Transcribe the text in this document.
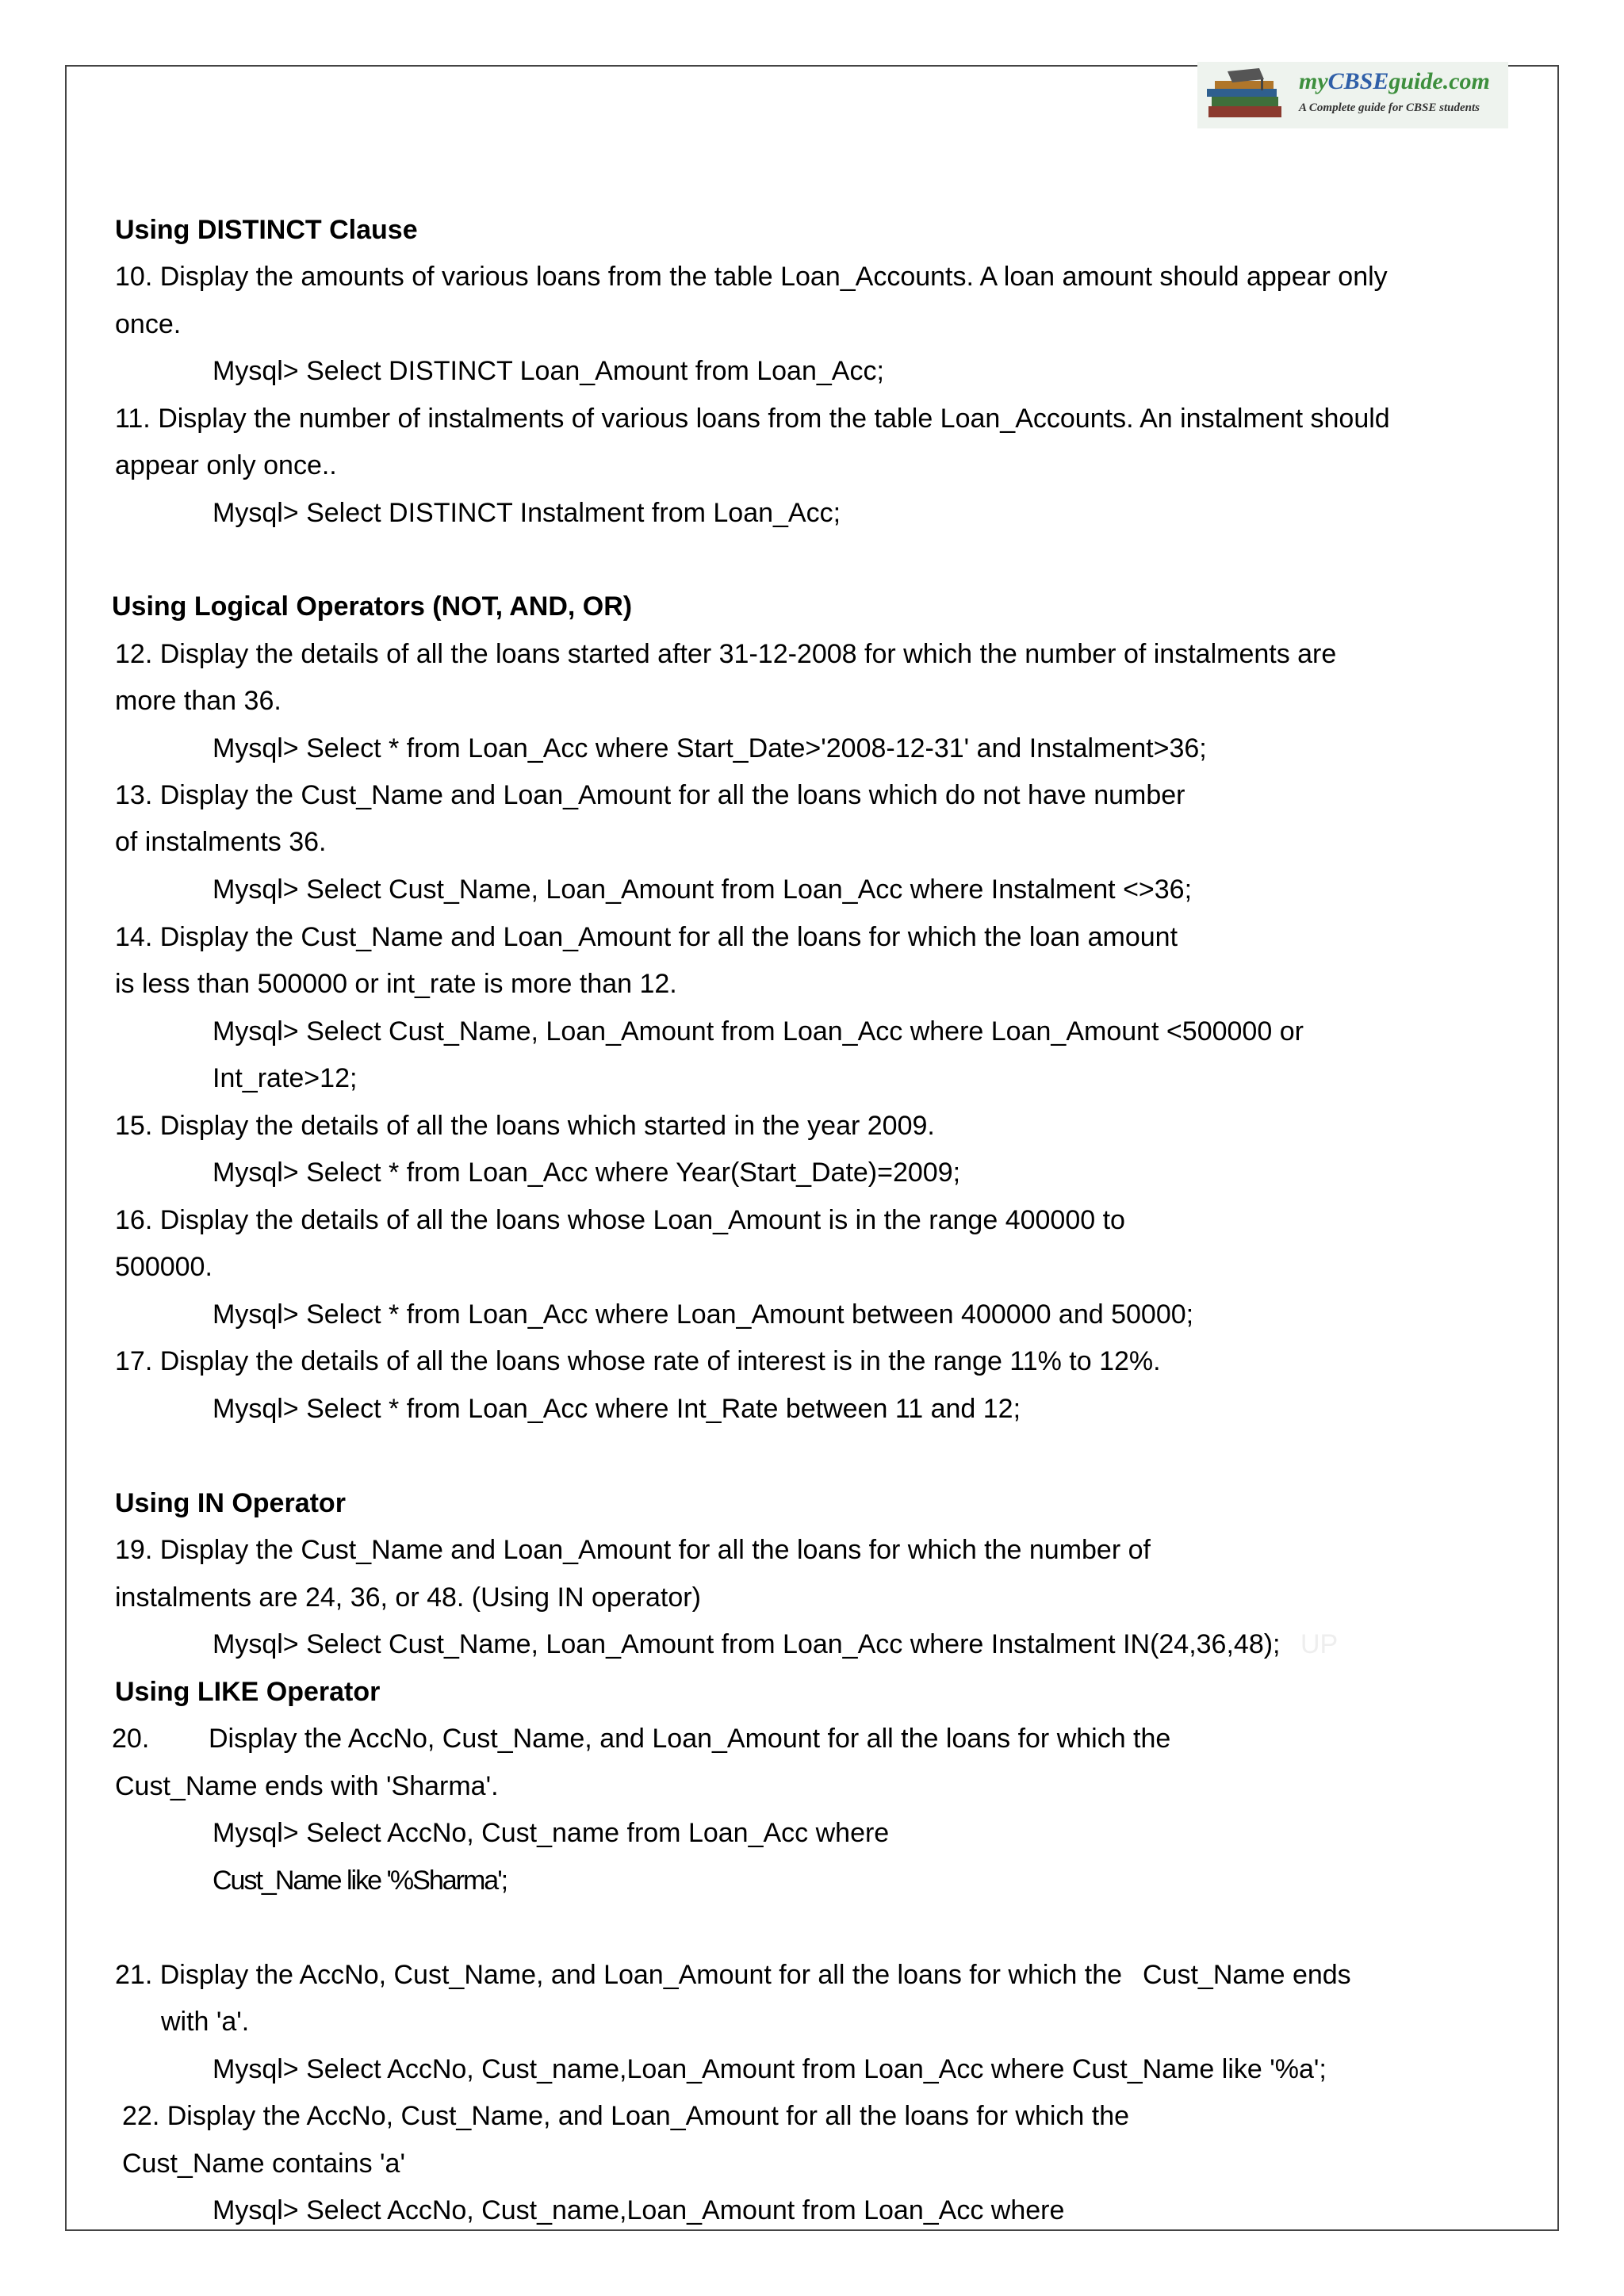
myCBSEguide.com
A Complete guide for CBSE students
Using DISTINCT Clause
10. Display the amounts of various loans from the table Loan_Accounts. A loan amount should appear only
once.
Mysql> Select DISTINCT Loan_Amount from Loan_Acc;
11. Display the number of instalments of various loans from the table Loan_Accounts. An instalment should
appear only once..
Mysql> Select DISTINCT Instalment from Loan_Acc;
Using Logical Operators (NOT, AND, OR)
12. Display the details of all the loans started after 31-12-2008 for which the number of instalments are
more than 36.
Mysql> Select * from Loan_Acc where Start_Date>'2008-12-31' and Instalment>36;
13. Display the Cust_Name and Loan_Amount for all the loans which do not have number
of instalments 36.
Mysql> Select Cust_Name, Loan_Amount from Loan_Acc where Instalment <>36;
14. Display the Cust_Name and Loan_Amount for all the loans for which the loan amount
is less than 500000 or int_rate is more than 12.
Mysql> Select Cust_Name, Loan_Amount from Loan_Acc where Loan_Amount <500000 or
Int_rate>12;
15. Display the details of all the loans which started in the year 2009.
Mysql> Select * from Loan_Acc where Year(Start_Date)=2009;
16. Display the details of all the loans whose Loan_Amount is in the range 400000 to
500000.
Mysql> Select * from Loan_Acc where Loan_Amount between 400000 and 50000;
17. Display the details of all the loans whose rate of interest is in the range 11% to 12%.
Mysql> Select * from Loan_Acc where Int_Rate between 11 and 12;
Using IN Operator
19. Display the Cust_Name and Loan_Amount for all the loans for which the number of
instalments are 24, 36, or 48. (Using IN operator)
Mysql> Select Cust_Name, Loan_Amount from Loan_Acc where Instalment IN(24,36,48); UP
Using LIKE Operator
20. Display the AccNo, Cust_Name, and Loan_Amount for all the loans for which the
Cust_Name ends with 'Sharma'.
Mysql> Select AccNo, Cust_name from Loan_Acc where
Cust_Name like '%Sharma';
21. Display the AccNo, Cust_Name, and Loan_Amount for all the loans for which the Cust_Name ends
with 'a'.
Mysql> Select AccNo, Cust_name,Loan_Amount from Loan_Acc where Cust_Name like '%a';
22. Display the AccNo, Cust_Name, and Loan_Amount for all the loans for which the
Cust_Name contains 'a'
Mysql> Select AccNo, Cust_name,Loan_Amount from Loan_Acc where
